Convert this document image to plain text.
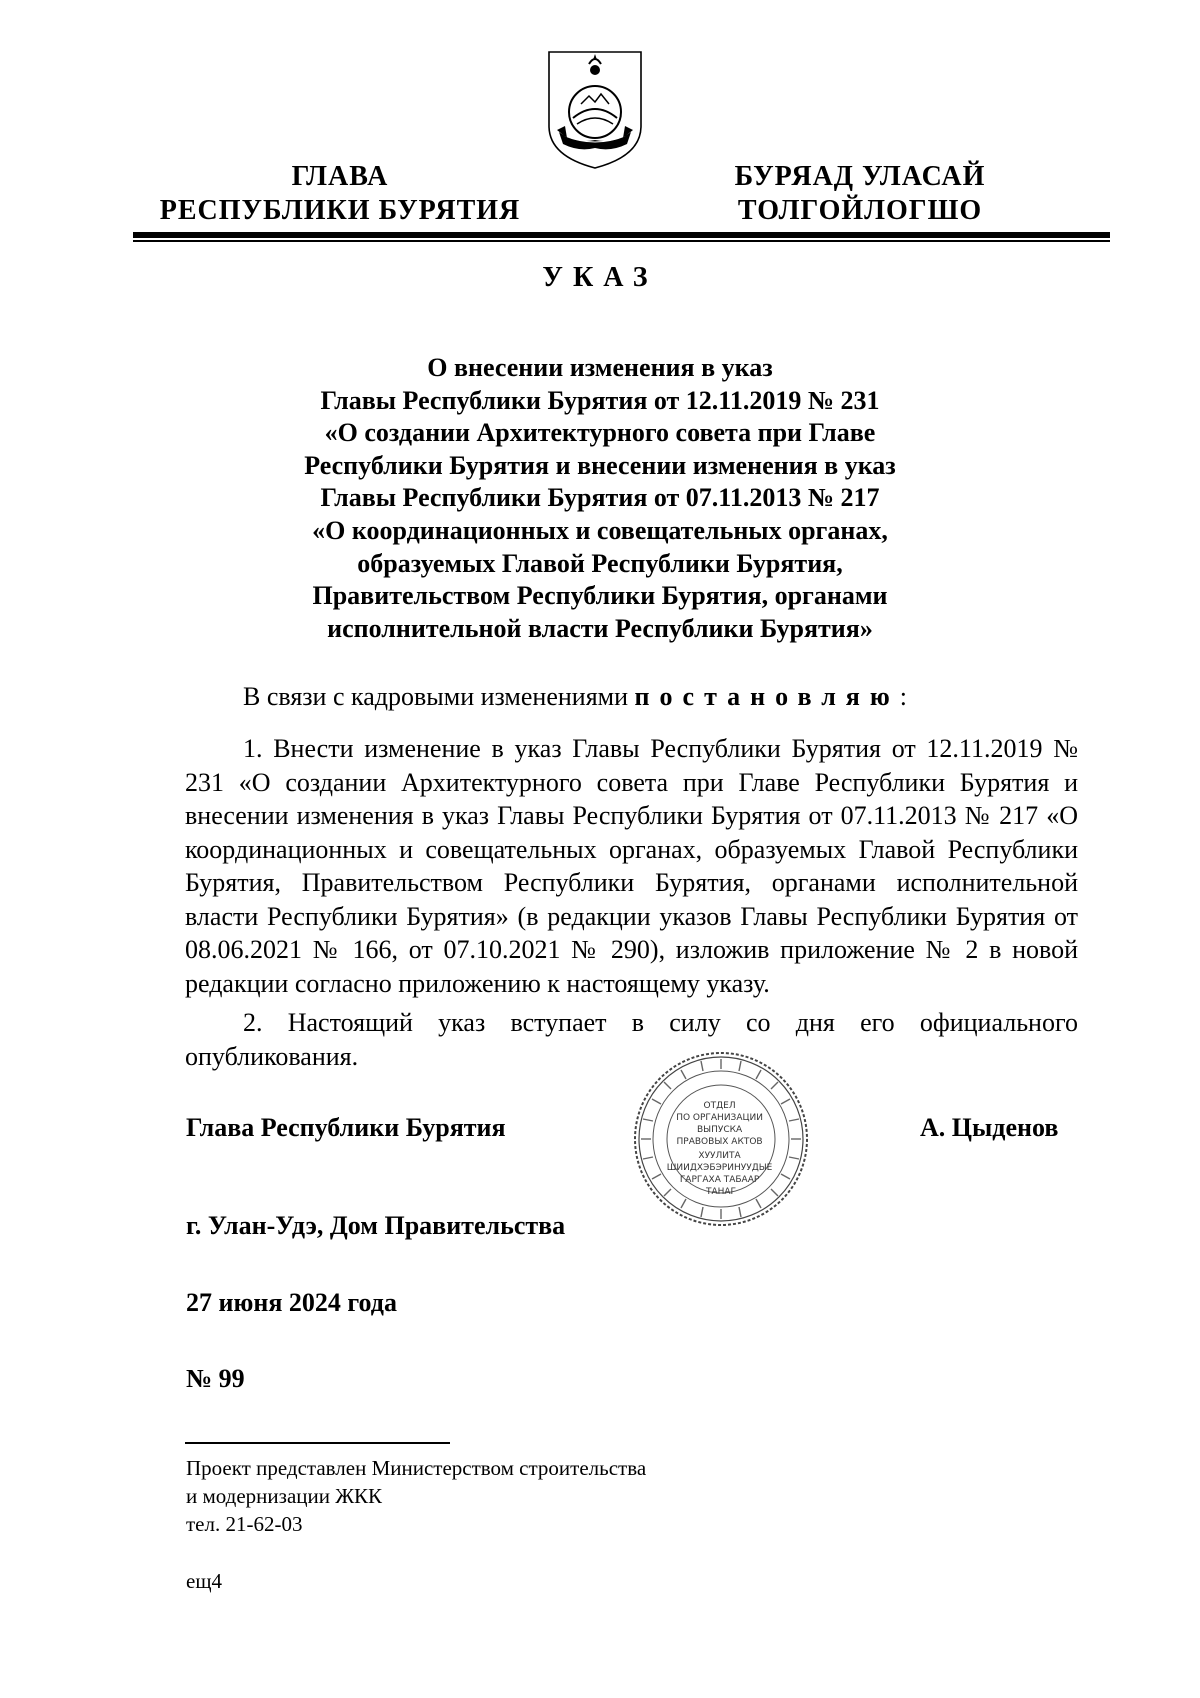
ГЛАВА
РЕСПУБЛИКИ БУРЯТИЯ
БУРЯАД УЛАСАЙ
ТОЛГОЙЛОГШО
УКАЗ
О внесении изменения в указ
Главы Республики Бурятия от 12.11.2019 № 231
«О создании Архитектурного совета при Главе
Республики Бурятия и внесении изменения в указ
Главы Республики Бурятия от 07.11.2013 № 217
«О координационных и совещательных органах,
образуемых Главой Республики Бурятия,
Правительством Республики Бурятия, органами
исполнительной власти Республики Бурятия»
В связи с кадровыми изменениями постановляю:
1. Внести изменение в указ Главы Республики Бурятия от 12.11.2019 № 231 «О создании Архитектурного совета при Главе Республики Бурятия и внесении изменения в указ Главы Республики Бурятия от 07.11.2013 № 217 «О координационных и совещательных органах, образуемых Главой Республики Бурятия, Правительством Республики Бурятия, органами исполнительной власти Республики Бурятия» (в редакции указов Главы Республики Бурятия от 08.06.2021 № 166, от 07.10.2021 № 290), изложив приложение № 2 в новой редакции согласно приложению к настоящему указу.
2. Настоящий указ вступает в силу со дня его официального опубликования.
ОТДЕЛ ПО ОРГАНИЗАЦИИ ВЫПУСКА ПРАВОВЫХ АКТОВ ХУУЛИТА ШИИДХЭБЭРИНУУДЫЕ ГАРГАХА ТАБААР ТАНАГ
Глава Республики Бурятия	А. Цыденов
г. Улан-Удэ, Дом Правительства
27 июня 2024 года
№ 99
Проект представлен Министерством строительства
и модернизации ЖКК
тел. 21-62-03
ещ4
